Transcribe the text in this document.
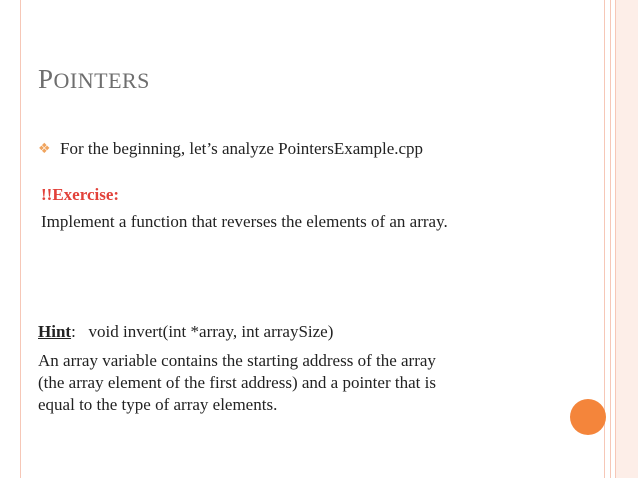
POINTERS
❖ For the beginning, let’s analyze PointersExample.cpp
!!Exercise:
Implement a function that reverses the elements of an array.
Hint:   void invert(int *array, int arraySize)
An array variable contains the starting address of the array
(the array element of the first address) and a pointer that is
equal to the type of array elements.
